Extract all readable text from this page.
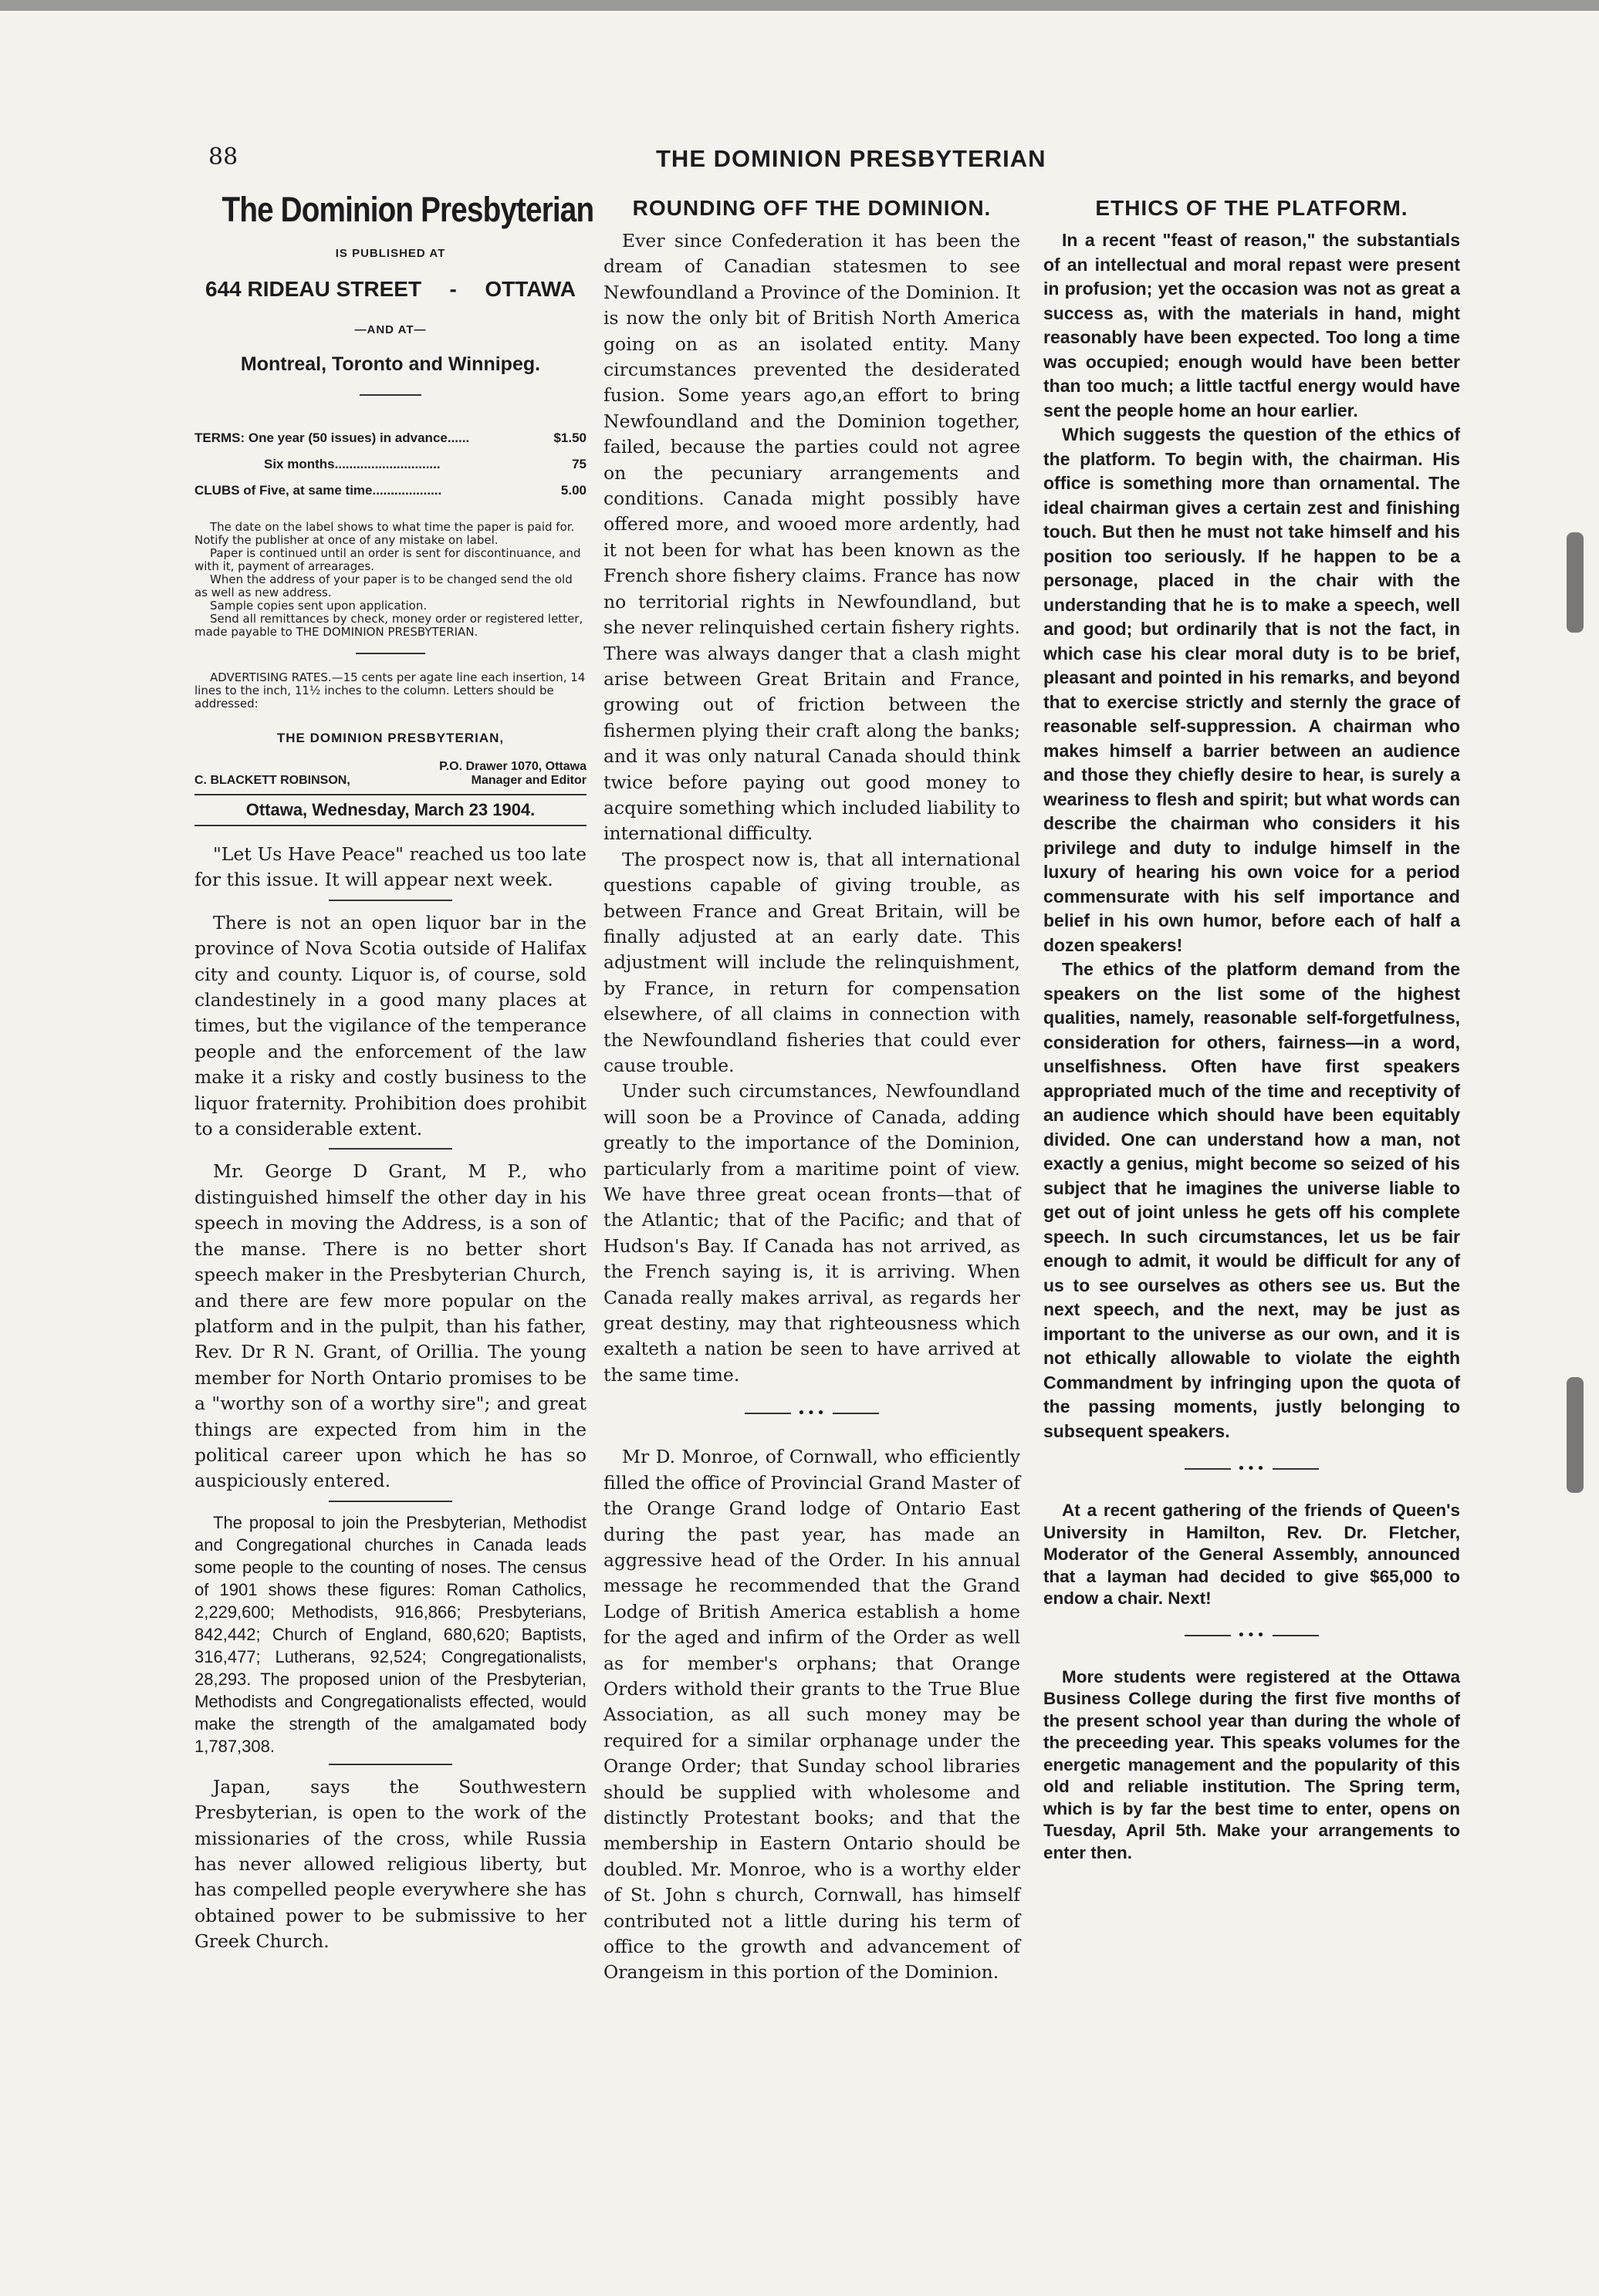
88	THE DOMINION PRESBYTERIAN
The Dominion Presbyterian
IS PUBLISHED AT
644 RIDEAU STREET - OTTAWA
—AND AT—
Montreal, Toronto and Winnipeg.
TERMS: One year (50 issues) in advance......	$1.50
Six months.............................	75
CLUBS of Five, at same time...................	5.00

The date on the label shows to what time the paper is paid for. Notify the publisher at once of any mistake on label.

Paper is continued until an order is sent for discontinuance, and with it, payment of arrearages.

When the address of your paper is to be changed send the old as well as new address.

Sample copies sent upon application.

Send all remittances by check, money order or registered letter, made payable to THE DOMINION PRESBYTERIAN.

ADVERTISING RATES.—15 cents per agate line each insertion, 14 lines to the inch, 11½ inches to the column. Letters should be addressed:
THE DOMINION PRESBYTERIAN,
P.O. Drawer 1070, Ottawa
C. BLACKETT ROBINSON,	Manager and Editor
Ottawa, Wednesday, March 23 1904.

"Let Us Have Peace" reached us too late for this issue. It will appear next week.

There is not an open liquor bar in the province of Nova Scotia outside of Halifax city and county. Liquor is, of course, sold clandestinely in a good many places at times, but the vigilance of the temperance people and the enforcement of the law make it a risky and costly business to the liquor fraternity. Prohibition does prohibit to a considerable extent.

Mr. George D Grant, M P., who distinguished himself the other day in his speech in moving the Address, is a son of the manse. There is no better short speech maker in the Presbyterian Church, and there are few more popular on the platform and in the pulpit, than his father, Rev. Dr R N. Grant, of Orillia. The young member for North Ontario promises to be a "worthy son of a worthy sire"; and great things are expected from him in the political career upon which he has so auspiciously entered.

The proposal to join the Presbyterian, Methodist and Congregational churches in Canada leads some people to the counting of noses. The census of 1901 shows these figures: Roman Catholics, 2,229,600; Methodists, 916,866; Presbyterians, 842,442; Church of England, 680,620; Baptists, 316,477; Lutherans, 92,524; Congregationalists, 28,293. The proposed union of the Presbyterian, Methodists and Congregationalists effected, would make the strength of the amalgamated body 1,787,308.

Japan, says the Southwestern Presbyterian, is open to the work of the missionaries of the cross, while Russia has never allowed religious liberty, but has compelled people everywhere she has obtained power to be submissive to her Greek Church.

ROUNDING OFF THE DOMINION.

Ever since Confederation it has been the dream of Canadian statesmen to see Newfoundland a Province of the Dominion. It is now the only bit of British North America going on as an isolated entity. Many circumstances prevented the desiderated fusion. Some years ago,an effort to bring Newfoundland and the Dominion together, failed, because the parties could not agree on the pecuniary arrangements and conditions. Canada might possibly have offered more, and wooed more ardently, had it not been for what has been known as the French shore fishery claims. France has now no territorial rights in Newfoundland, but she never relinquished certain fishery rights. There was always danger that a clash might arise between Great Britain and France, growing out of friction between the fishermen plying their craft along the banks; and it was only natural Canada should think twice before paying out good money to acquire something which included liability to international difficulty.

The prospect now is, that all international questions capable of giving trouble, as between France and Great Britain, will be finally adjusted at an early date. This adjustment will include the relinquishment, by France, in return for compensation elsewhere, of all claims in connection with the Newfoundland fisheries that could ever cause trouble.

Under such circumstances, Newfoundland will soon be a Province of Canada, adding greatly to the importance of the Dominion, particularly from a maritime point of view. We have three great ocean fronts—that of the Atlantic; that of the Pacific; and that of Hudson's Bay. If Canada has not arrived, as the French saying is, it is arriving. When Canada really makes arrival, as regards her great destiny, may that righteousness which exalteth a nation be seen to have arrived at the same time.

•••

Mr D. Monroe, of Cornwall, who efficiently filled the office of Provincial Grand Master of the Orange Grand lodge of Ontario East during the past year, has made an aggressive head of the Order. In his annual message he recommended that the Grand Lodge of British America establish a home for the aged and infirm of the Order as well as for member's orphans; that Orange Orders withold their grants to the True Blue Association, as all such money may be required for a similar orphanage under the Orange Order; that Sunday school libraries should be supplied with wholesome and distinctly Protestant books; and that the membership in Eastern Ontario should be doubled. Mr. Monroe, who is a worthy elder of St. John s church, Cornwall, has himself contributed not a little during his term of office to the growth and advancement of Orangeism in this portion of the Dominion.

ETHICS OF THE PLATFORM.

In a recent "feast of reason," the substantials of an intellectual and moral repast were present in profusion; yet the occasion was not as great a success as, with the materials in hand, might reasonably have been expected. Too long a time was occupied; enough would have been better than too much; a little tactful energy would have sent the people home an hour earlier.

Which suggests the question of the ethics of the platform. To begin with, the chairman. His office is something more than ornamental. The ideal chairman gives a certain zest and finishing touch. But then he must not take himself and his position too seriously. If he happen to be a personage, placed in the chair with the understanding that he is to make a speech, well and good; but ordinarily that is not the fact, in which case his clear moral duty is to be brief, pleasant and pointed in his remarks, and beyond that to exercise strictly and sternly the grace of reasonable self-suppression. A chairman who makes himself a barrier between an audience and those they chiefly desire to hear, is surely a weariness to flesh and spirit; but what words can describe the chairman who considers it his privilege and duty to indulge himself in the luxury of hearing his own voice for a period commensurate with his self importance and belief in his own humor, before each of half a dozen speakers!

The ethics of the platform demand from the speakers on the list some of the highest qualities, namely, reasonable self-forgetfulness, consideration for others, fairness—in a word, unselfishness. Often have first speakers appropriated much of the time and receptivity of an audience which should have been equitably divided. One can understand how a man, not exactly a genius, might become so seized of his subject that he imagines the universe liable to get out of joint unless he gets off his complete speech. In such circumstances, let us be fair enough to admit, it would be difficult for any of us to see ourselves as others see us. But the next speech, and the next, may be just as important to the universe as our own, and it is not ethically allowable to violate the eighth Commandment by infringing upon the quota of the passing moments, justly belonging to subsequent speakers.

•••

At a recent gathering of the friends of Queen's University in Hamilton, Rev. Dr. Fletcher, Moderator of the General Assembly, announced that a layman had decided to give $65,000 to endow a chair. Next!

•••

More students were registered at the Ottawa Business College during the first five months of the present school year than during the whole of the preceeding year. This speaks volumes for the energetic management and the popularity of this old and reliable institution. The Spring term, which is by far the best time to enter, opens on Tuesday, April 5th. Make your arrangements to enter then.
